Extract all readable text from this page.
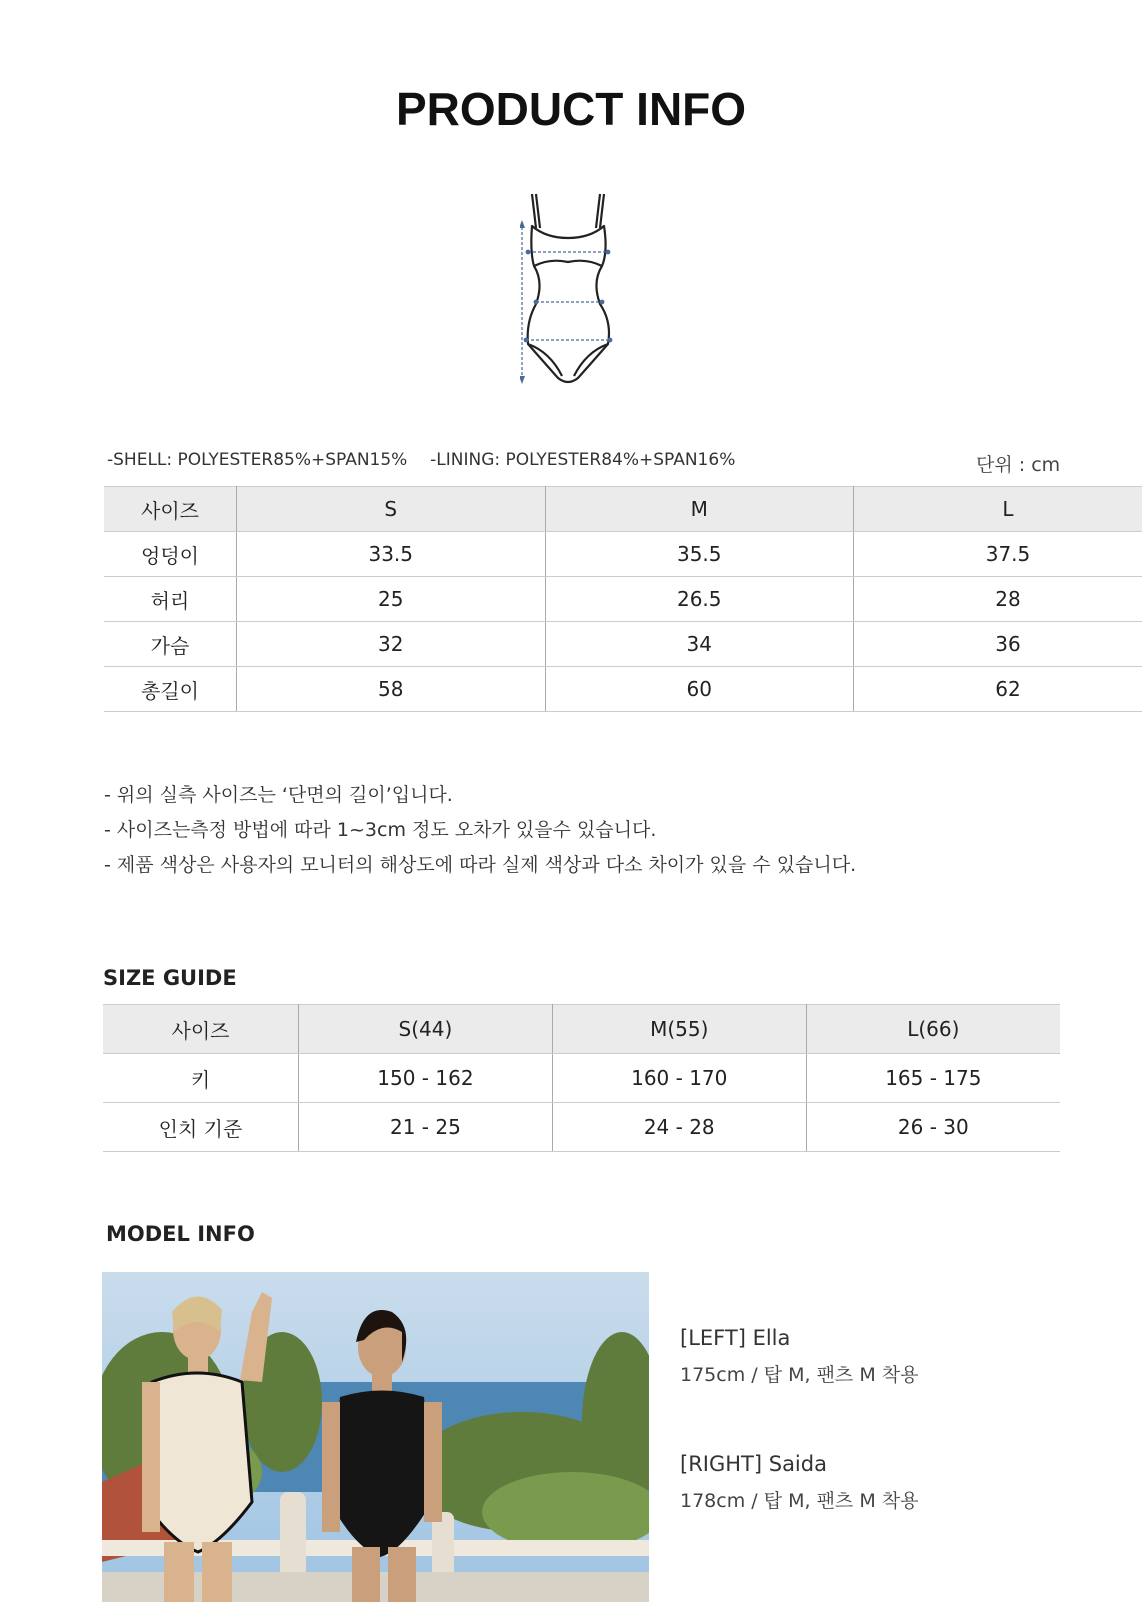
PRODUCT INFO
-SHELL: POLYESTER85%+SPAN15% -LINING: POLYESTER84%+SPAN16%	단위 : cm
사이즈	S	M	L
엉덩이	33.5	35.5	37.5
허리	25	26.5	28
가슴	32	34	36
총길이	58	60	62
- 위의 실측 사이즈는 ‘단면의 길이’입니다.
- 사이즈는측정 방법에 따라 1~3cm 정도 오차가 있을수 있습니다.
- 제품 색상은 사용자의 모니터의 해상도에 따라 실제 색상과 다소 차이가 있을 수 있습니다.
SIZE GUIDE
사이즈	S(44)	M(55)	L(66)
키	150 - 162	160 - 170	165 - 175
인치 기준	21 - 25	24 - 28	26 - 30
MODEL INFO
[LEFT] Ella
175cm / 탑 M, 팬츠 M 착용
[RIGHT] Saida
178cm / 탑 M, 팬츠 M 착용
